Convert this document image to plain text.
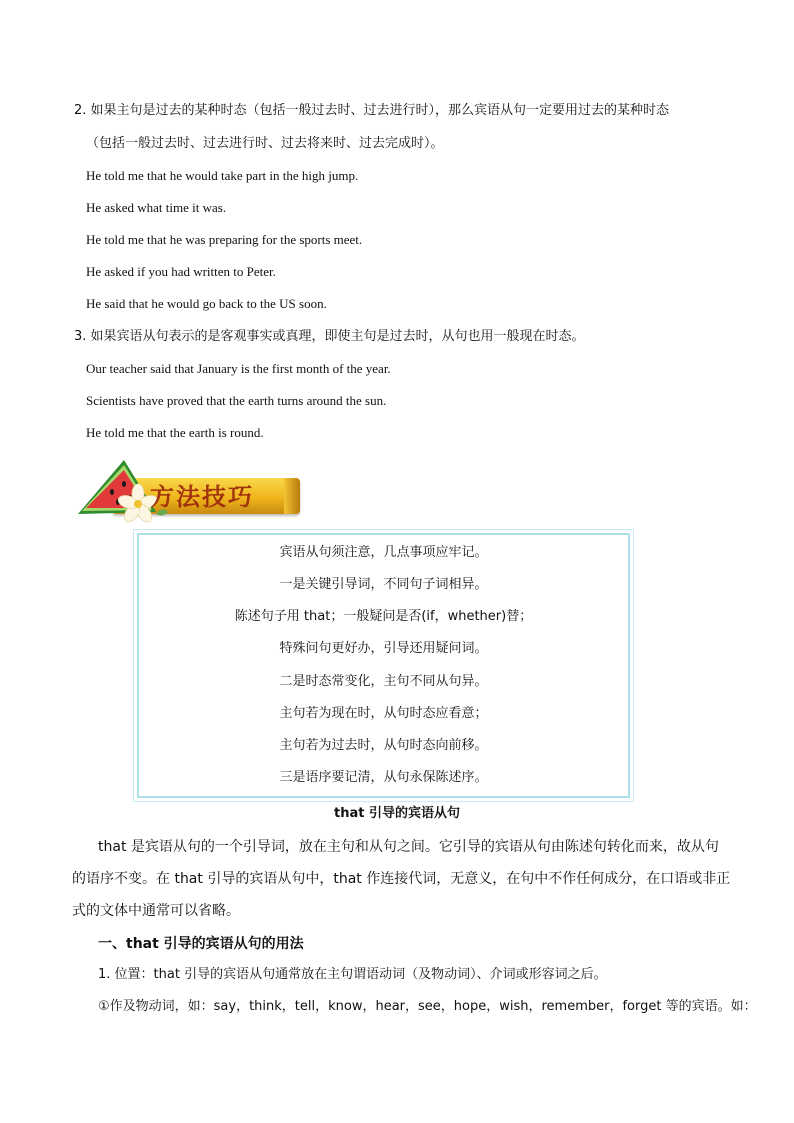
2. 如果主句是过去的某种时态（包括一般过去时、过去进行时），那么宾语从句一定要用过去的某种时态
（包括一般过去时、过去进行时、过去将来时、过去完成时）。
He told me that he would take part in the high jump.
He asked what time it was.
He told me that he was preparing for the sports meet.
He asked if you had written to Peter.
He said that he would go back to the US soon.
3. 如果宾语从句表示的是客观事实或真理，即使主句是过去时，从句也用一般现在时态。
Our teacher said that January is the first month of the year.
Scientists have proved that the earth turns around the sun.
He told me that the earth is round.
方法技巧
宾语从句须注意，几点事项应牢记。
一是关键引导词，不同句子词相异。
陈述句子用 that；一般疑问是否(if，whether)替；
特殊问句更好办，引导还用疑问词。
二是时态常变化，主句不同从句异。
主句若为现在时，从句时态应看意；
主句若为过去时，从句时态向前移。
三是语序要记清，从句永保陈述序。
that 引导的宾语从句
that 是宾语从句的一个引导词，放在主句和从句之间。它引导的宾语从句由陈述句转化而来，故从句
的语序不变。在 that 引导的宾语从句中，that 作连接代词，无意义，在句中不作任何成分，在口语或非正
式的文体中通常可以省略。
一、that 引导的宾语从句的用法
1. 位置：that 引导的宾语从句通常放在主句谓语动词（及物动词）、介词或形容词之后。
①作及物动词，如：say，think，tell，know，hear，see，hope，wish，remember，forget 等的宾语。如：
